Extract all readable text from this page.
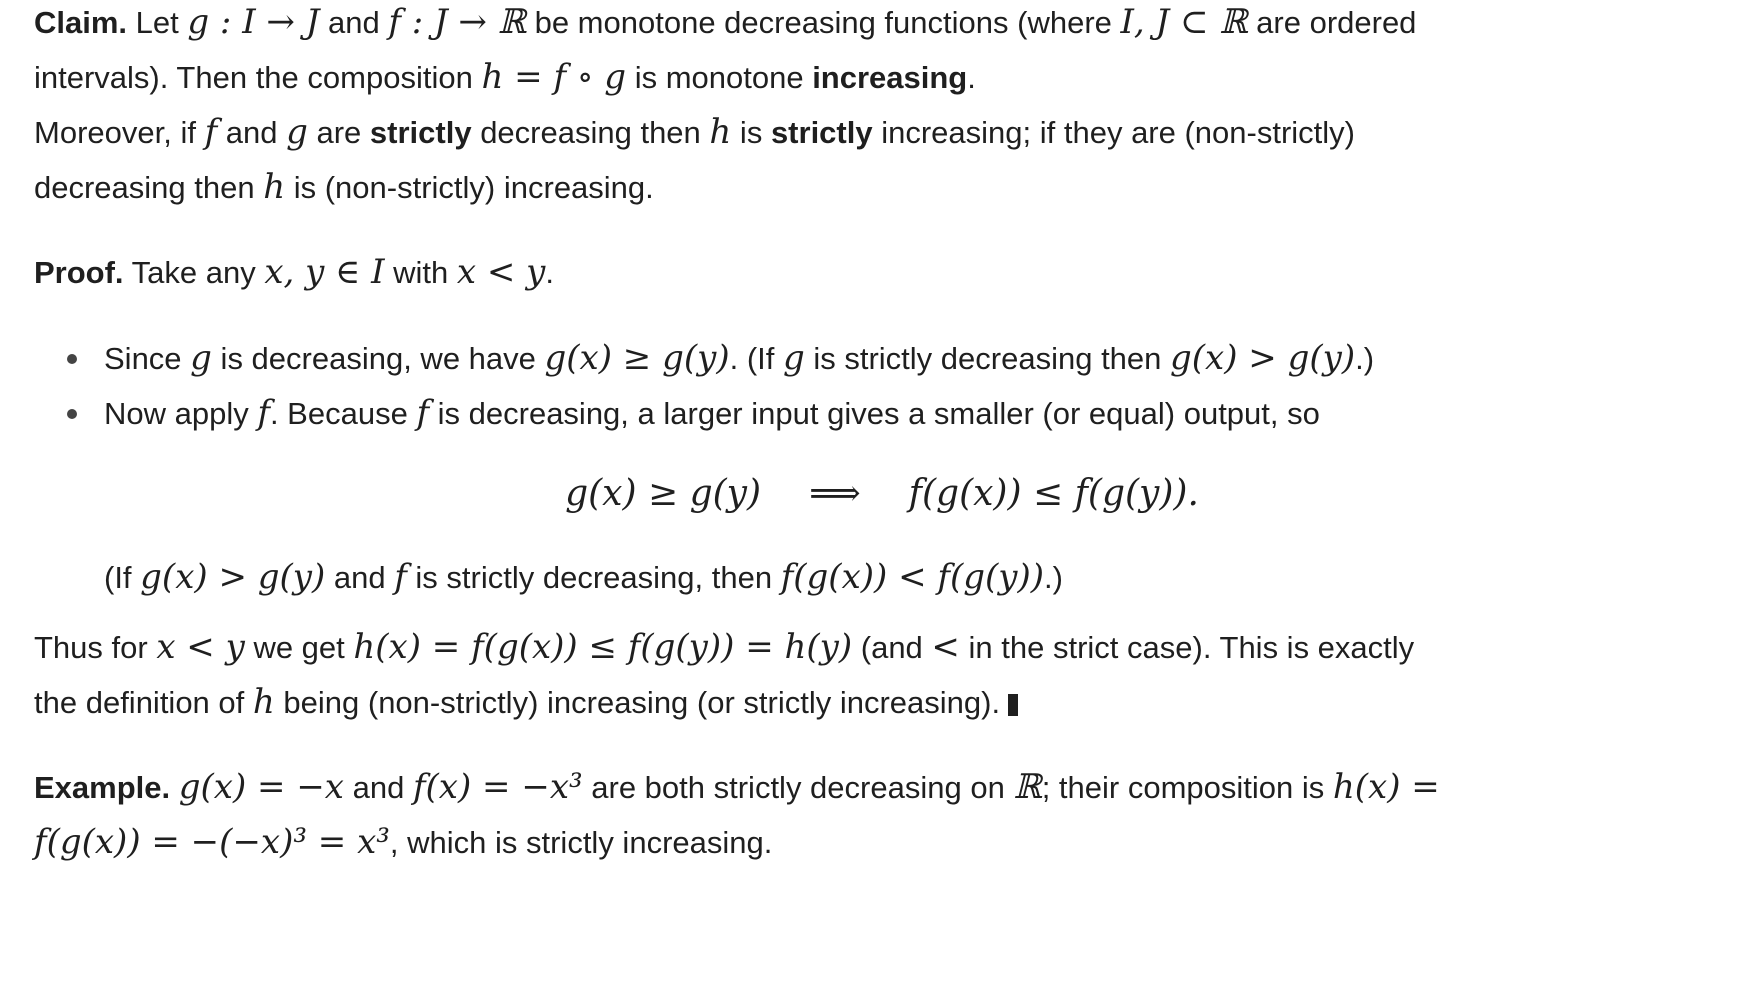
Claim. Let g : I → J and f : J → ℝ be monotone decreasing functions (where I, J ⊂ ℝ are ordered
intervals). Then the composition h = f ∘ g is monotone increasing.
Moreover, if f and g are strictly decreasing then h is strictly increasing; if they are (non-strictly)
decreasing then h is (non-strictly) increasing.
Proof. Take any x, y ∈ I with x < y.
Since g is decreasing, we have g(x) ≥ g(y). (If g is strictly decreasing then g(x) > g(y).)
Now apply f. Because f is decreasing, a larger input gives a smaller (or equal) output, so
g(x) ≥ g(y) ⟹ f(g(x)) ≤ f(g(y)).
(If g(x) > g(y) and f is strictly decreasing, then f(g(x)) < f(g(y)).)
Thus for x < y we get h(x) = f(g(x)) ≤ f(g(y)) = h(y) (and < in the strict case). This is exactly
the definition of h being (non-strictly) increasing (or strictly increasing).
Example. g(x) = −x and f(x) = −x³ are both strictly decreasing on ℝ; their composition is h(x) =
f(g(x)) = −(−x)³ = x³, which is strictly increasing.
